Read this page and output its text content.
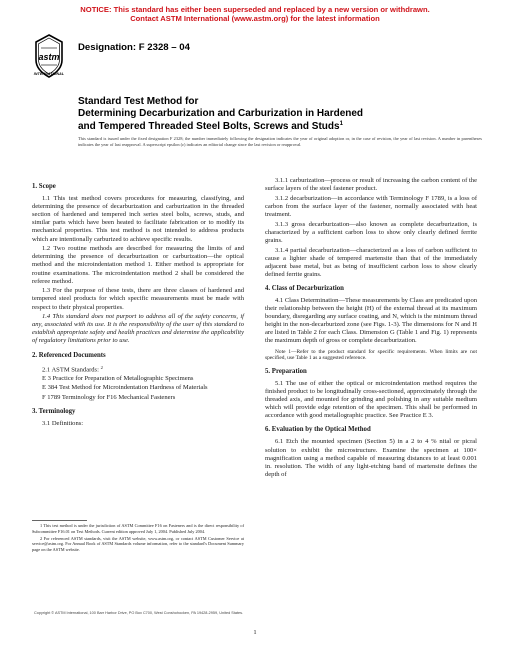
NOTICE: This standard has either been superseded and replaced by a new version or withdrawn.
Contact ASTM International (www.astm.org) for the latest information
astm
INTERNATIONAL
Designation: F 2328 – 04
Standard Test Method for
Determining Decarburization and Carburization in Hardened
and Tempered Threaded Steel Bolts, Screws and Studs$^1$
This standard is issued under the fixed designation F 2328; the number immediately following the designation indicates the year of original adoption or, in the case of revision, the year of last revision. A number in parentheses indicates the year of last reapproval. A superscript epsilon (ε) indicates an editorial change since the last revision or reapproval.
1. Scope

1.1 This test method covers procedures for measuring, classifying, and determining the presence of decarburization and carburization in the threaded section of hardened and tempered inch series steel bolts, screws, studs, and similar parts which have been heated to facilitate fabrication or to modify its mechanical properties. This test method is not intended to address products which are intentionally carburized to achieve specific results.

1.2 Two routine methods are described for measuring the limits of and determining the presence of decarburization or carburization—the optical method and the microindentation method 1. Either method is appropriate for routine examinations. The microindentation method 2 shall be considered the referee method.

1.3 For the purpose of these tests, there are three classes of hardened and tempered steel products for which specific measurements must be made with respect to their physical properties.

1.4 This standard does not purport to address all of the safety concerns, if any, associated with its use. It is the responsibility of the user of this standard to establish appropriate safety and health practices and determine the applicability of regulatory limitations prior to use.

2. Referenced Documents

2.1 ASTM Standards: $^2$

E 3 Practice for Preparation of Metallographic Specimens

E 384 Test Method for Microindentation Hardness of Materials

F 1789 Terminology for F16 Mechanical Fasteners

3. Terminology

3.1 Definitions:

1 This test method is under the jurisdiction of ASTM Committee F16 on Fasteners and is the direct responsibility of Subcommittee F16.01 on Test Methods. Current edition approved July 1, 2004. Published July 2004.

2 For referenced ASTM standards, visit the ASTM website, www.astm.org, or contact ASTM Customer Service at service@astm.org. For Annual Book of ASTM Standards volume information, refer to the standard's Document Summary page on the ASTM website.

3.1.1 carburization—process or result of increasing the carbon content of the surface layers of the steel fastener product.

3.1.2 decarburization—in accordance with Terminology F 1789, is a loss of carbon from the surface layer of the fastener, normally associated with heat treatment.

3.1.3 gross decarburization—also known as complete decarburization, is characterized by a sufficient carbon loss to show only clearly defined ferrite grains.

3.1.4 partial decarburization—characterized as a loss of carbon sufficient to cause a lighter shade of tempered martensite than that of the immediately adjacent base metal, but as being of insufficient carbon loss to show clearly defined ferrite grains.

4. Class of Decarburization

4.1 Class Determination—These measurements by Class are predicated upon their relationship between the height (H) of the external thread at its maximum boundary, disregarding any surface coating, and N, which is the minimum thread height in the non-decarburized zone (see Figs. 1-3). The dimensions for N and H are listed in Table 2 for each Class. Dimension G (Table 1 and Fig. 1) represents the maximum depth of gross or complete decarburization.

Note 1—Refer to the product standard for specific requirements. When limits are not specified, use Table 1 as a suggested reference.

5. Preparation

5.1 The use of either the optical or microindentation method requires the finished product to be longitudinally cross-sectioned, approximately through the threaded axis, and mounted for grinding and polishing in any suitable medium which will provide edge retention of the specimen. This shall be performed in accordance with good metallographic practice. See Practice E 3.

6. Evaluation by the Optical Method

6.1 Etch the mounted specimen (Section 5) in a 2 to 4 % nital or picral solution to exhibit the microstructure. Examine the specimen at 100× magnification using a method capable of measuring distances to at least 0.001 in. resolution. The width of any light-etching band of martensite defines the depth of

Copyright © ASTM International, 100 Barr Harbor Drive, PO Box C700, West Conshohocken, PA 19428-2959, United States.
1
